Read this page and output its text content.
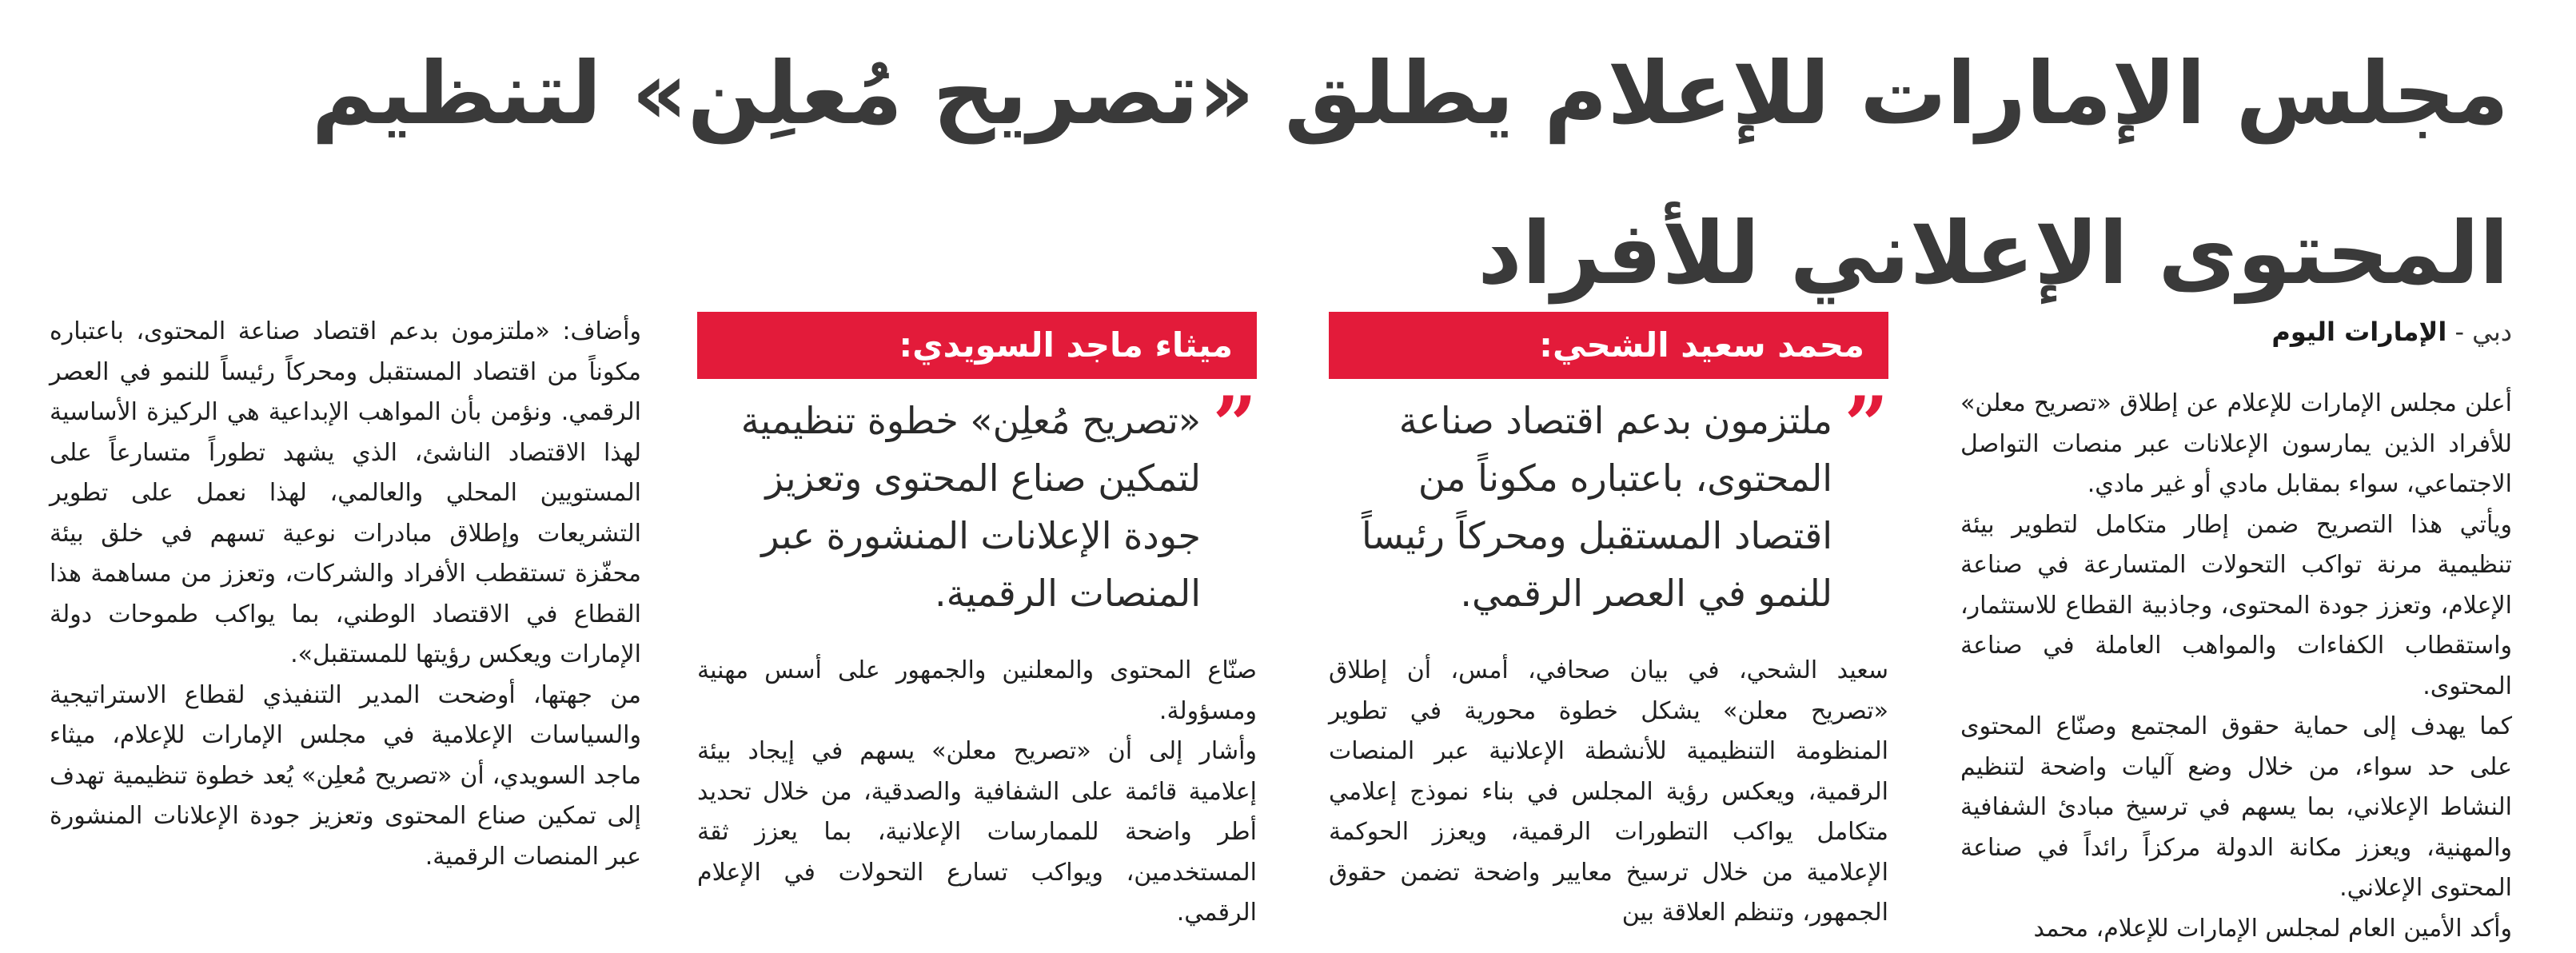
مجلس الإمارات للإعلام يطلق «تصريح مُعلِن» لتنظيم
المحتوى الإعلاني للأفراد

دبي - الإمارات اليوم

أعلن مجلس الإمارات للإعلام عن إطلاق «تصريح معلن» للأفراد الذين يمارسون الإعلانات عبر منصات التواصل الاجتماعي، سواء بمقابل مادي أو غير مادي.

ويأتي هذا التصريح ضمن إطار متكامل لتطوير بيئة تنظيمية مرنة تواكب التحولات المتسارعة في صناعة الإعلام، وتعزز جودة المحتوى، وجاذبية القطاع للاستثمار، واستقطاب الكفاءات والمواهب العاملة في صناعة المحتوى.

كما يهدف إلى حماية حقوق المجتمع وصنّاع المحتوى على حد سواء، من خلال وضع آليات واضحة لتنظيم النشاط الإعلاني، بما يسهم في ترسيخ مبادئ الشفافية والمهنية، ويعزز مكانة الدولة مركزاً رائداً في صناعة المحتوى الإعلاني.

وأكد الأمين العام لمجلس الإمارات للإعلام، محمد

محمد سعيد الشحي:
”
ملتزمون بدعم اقتصاد صناعة المحتوى، باعتباره مكوناً من اقتصاد المستقبل ومحركاً رئيساً للنمو في العصر الرقمي.

سعيد الشحي، في بيان صحافي، أمس، أن إطلاق «تصريح معلن» يشكل خطوة محورية في تطوير المنظومة التنظيمية للأنشطة الإعلانية عبر المنصات الرقمية، ويعكس رؤية المجلس في بناء نموذج إعلامي متكامل يواكب التطورات الرقمية، ويعزز الحوكمة الإعلامية من خلال ترسيخ معايير واضحة تضمن حقوق الجمهور، وتنظم العلاقة بين

ميثاء ماجد السويدي:
”
«تصريح مُعلِن» خطوة تنظيمية لتمكين صناع المحتوى وتعزيز جودة الإعلانات المنشورة عبر المنصات الرقمية.

صنّاع المحتوى والمعلنين والجمهور على أسس مهنية ومسؤولة.

وأشار إلى أن «تصريح معلن» يسهم في إيجاد بيئة إعلامية قائمة على الشفافية والصدقية، من خلال تحديد أطر واضحة للممارسات الإعلانية، بما يعزز ثقة المستخدمين، ويواكب تسارع التحولات في الإعلام الرقمي.

وأضاف: «ملتزمون بدعم اقتصاد صناعة المحتوى، باعتباره مكوناً من اقتصاد المستقبل ومحركاً رئيساً للنمو في العصر الرقمي. ونؤمن بأن المواهب الإبداعية هي الركيزة الأساسية لهذا الاقتصاد الناشئ، الذي يشهد تطوراً متسارعاً على المستويين المحلي والعالمي، لهذا نعمل على تطوير التشريعات وإطلاق مبادرات نوعية تسهم في خلق بيئة محفّزة تستقطب الأفراد والشركات، وتعزز من مساهمة هذا القطاع في الاقتصاد الوطني، بما يواكب طموحات دولة الإمارات ويعكس رؤيتها للمستقبل».

من جهتها، أوضحت المدير التنفيذي لقطاع الاستراتيجية والسياسات الإعلامية في مجلس الإمارات للإعلام، ميثاء ماجد السويدي، أن «تصريح مُعلِن» يُعد خطوة تنظيمية تهدف إلى تمكين صناع المحتوى وتعزيز جودة الإعلانات المنشورة عبر المنصات الرقمية.
